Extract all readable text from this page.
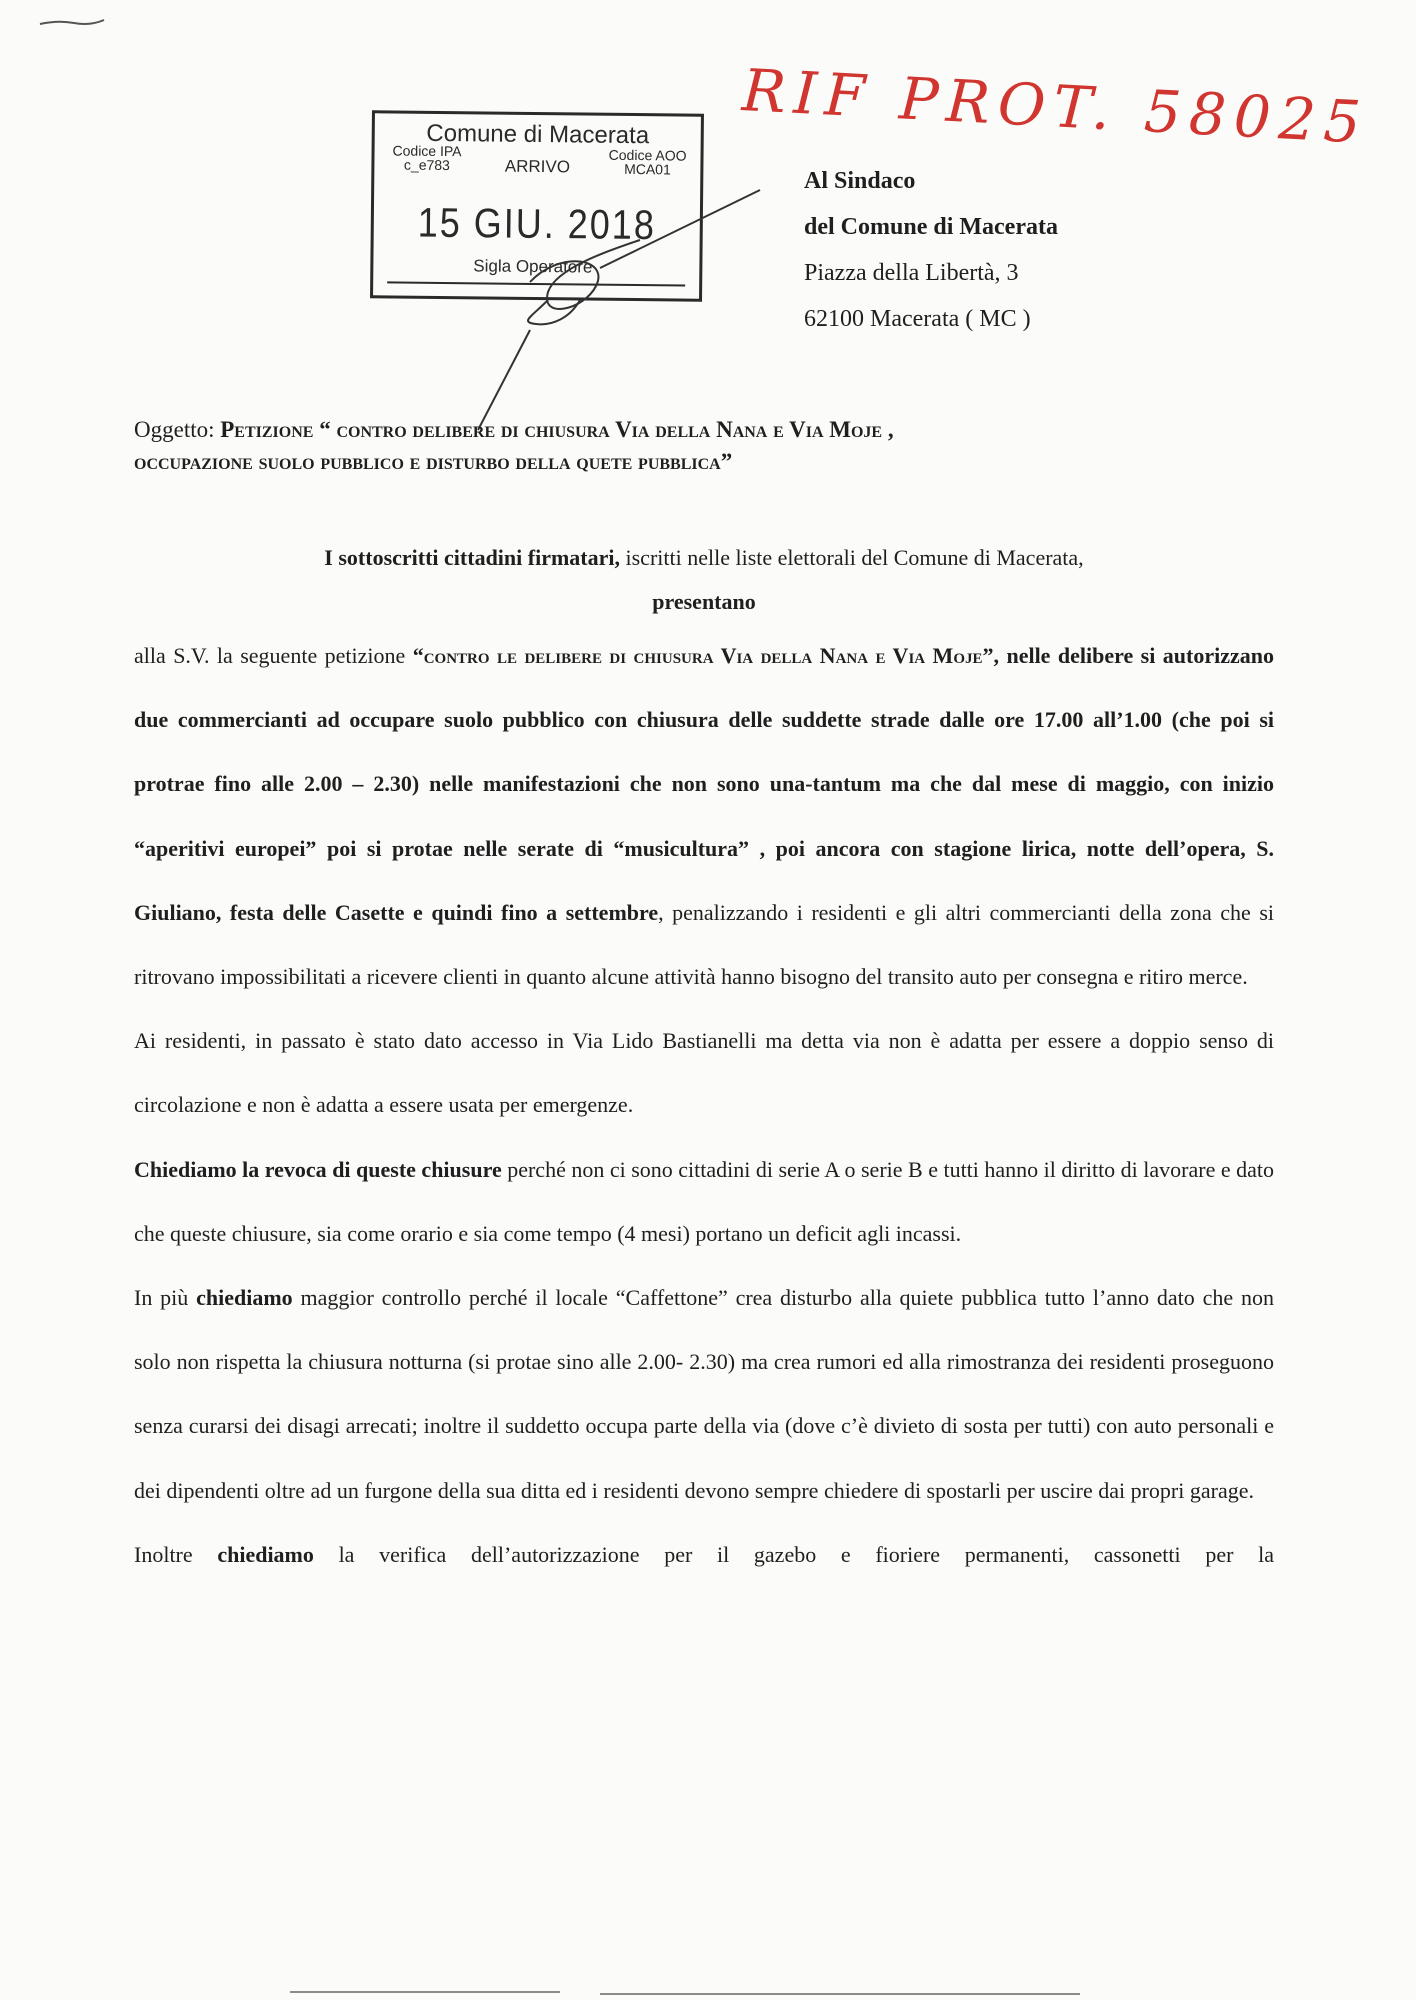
RIF PROT. 58025
Comune di Macerata
Codice IPA
c_e783	ARRIVO
Codice AOO
MCA01
15 GIU. 2018
Sigla Operatore
Al Sindaco
del Comune di Macerata
Piazza della Libertà, 3
62100 Macerata ( MC )
Oggetto: Petizione “ contro delibere di chiusura Via della Nana e Via Moje ,
occupazione suolo pubblico e disturbo della quete pubblica”
I sottoscritti cittadini firmatari, iscritti nelle liste elettorali del Comune di Macerata,
presentano

alla S.V. la seguente petizione “contro le delibere di chiusura Via della Nana e Via Moje”, nelle delibere si autorizzano due commercianti ad occupare suolo pubblico con chiusura delle suddette strade dalle ore 17.00 all’1.00 (che poi si protrae fino alle 2.00 – 2.30) nelle manifestazioni che non sono una-tantum ma che dal mese di maggio, con inizio “aperitivi europei” poi si protae nelle serate di “musicultura” , poi ancora con stagione lirica, notte dell’opera, S. Giuliano, festa delle Casette e quindi fino a settembre, penalizzando i residenti e gli altri commercianti della zona che si ritrovano impossibilitati a ricevere clienti in quanto alcune attività hanno bisogno del transito auto per consegna e ritiro merce.

Ai residenti, in passato è stato dato accesso in Via Lido Bastianelli ma detta via non è adatta per essere a doppio senso di circolazione e non è adatta a essere usata per emergenze.

Chiediamo la revoca di queste chiusure perché non ci sono cittadini di serie A o serie B e tutti hanno il diritto di lavorare e dato che queste chiusure, sia come orario e sia come tempo (4 mesi) portano un deficit agli incassi.

In più chiediamo maggior controllo perché il locale “Caffettone” crea disturbo alla quiete pubblica tutto l’anno dato che non solo non rispetta la chiusura notturna (si protae sino alle 2.00- 2.30) ma crea rumori ed alla rimostranza dei residenti proseguono senza curarsi dei disagi arrecati; inoltre il suddetto occupa parte della via (dove c’è divieto di sosta per tutti) con auto personali e dei dipendenti oltre ad un furgone della sua ditta ed i residenti devono sempre chiedere di spostarli per uscire dai propri garage.

Inoltre chiediamo la verifica dell’autorizzazione per il gazebo e fioriere permanenti, cassonetti per la
